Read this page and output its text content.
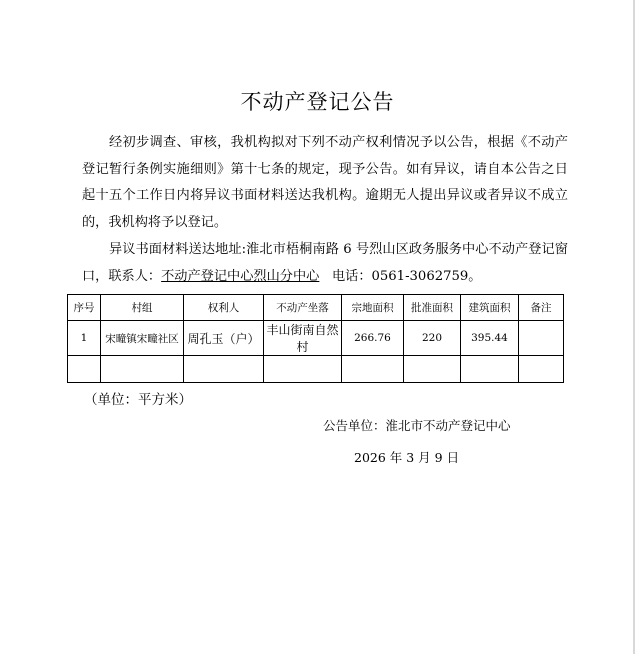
不动产登记公告
经初步调查、审核，我机构拟对下列不动产权利情况予以公告，根据《不动产登记暂行条例实施细则》第十七条的规定，现予公告。如有异议，请自本公告之日起十五个工作日内将异议书面材料送达我机构。逾期无人提出异议或者异议不成立的，我机构将予以登记。
异议书面材料送达地址:淮北市梧桐南路 6 号烈山区政务服务中心不动产登记窗口，联系人：不动产登记中心烈山分中心 电话：0561-3062759。
序号	村组	权利人	不动产坐落	宗地面积	批准面积	建筑面积	备注
1	宋疃镇宋疃社区	周孔玉（户）	丰山街南自然村	266.76	220	395.44	

（单位：平方米）
公告单位：淮北市不动产登记中心
2026 年 3 月 9 日
